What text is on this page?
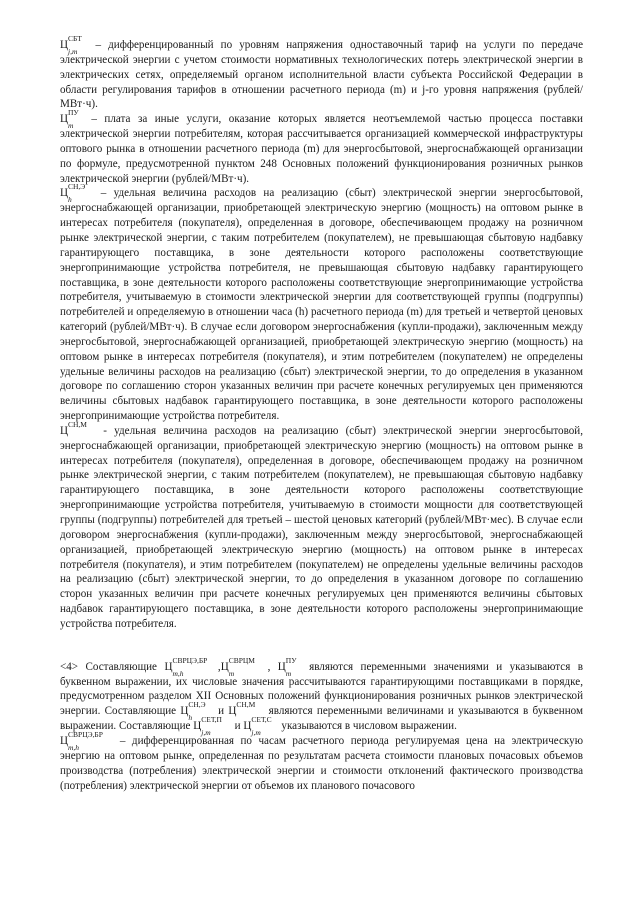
Ц
СБТ
j,m
– дифференцированный по уровням напряжения одноставочный тариф на услуги по передаче электрической энергии с учетом стоимости нормативных технологических потерь электрической энергии в электрических сетях, определяемый органом исполнительной власти субъекта Российской Федерации в области регулирования тарифов в отношении расчетного периода (m) и j-го уровня напряжения (рублей/МВт·ч).

Ц
ПУ
m
– плата за иные услуги, оказание которых является неотъемлемой частью процесса поставки электрической энергии потребителям, которая рассчитывается организацией коммерческой инфраструктуры оптового рынка в отношении расчетного периода (m) для энергосбытовой, энергоснабжающей организации по формуле, предусмотренной пунктом 248 Основных положений функционирования розничных рынков электрической энергии (рублей/МВт·ч).

Ц
СН,Э
h
– удельная величина расходов на реализацию (сбыт) электрической энергии энергосбытовой, энергоснабжающей организации, приобретающей электрическую энергию (мощность) на оптовом рынке в интересах потребителя (покупателя), определенная в договоре, обеспечивающем продажу на розничном рынке электрической энергии, с таким потребителем (покупателем), не превышающая сбытовую надбавку гарантирующего поставщика, в зоне деятельности которого расположены соответствующие энергопринимающие устройства потребителя, не превышающая сбытовую надбавку гарантирующего поставщика, в зоне деятельности которого расположены соответствующие энергопринимающие устройства потребителя, учитываемую в стоимости электрической энергии для соответствующей группы (подгруппы) потребителей и определяемую в отношении часа (h) расчетного периода (m) для третьей и четвертой ценовых категорий (рублей/МВт·ч). В случае если договором энергоснабжения (купли-продажи), заключенным между энергосбытовой, энергоснабжающей организацией, приобретающей электрическую энергию (мощность) на оптовом рынке в интересах потребителя (покупателя), и этим потребителем (покупателем) не определены удельные величины расходов на реализацию (сбыт) электрической энергии, то до определения в указанном договоре по соглашению сторон указанных величин при расчете конечных регулируемых цен применяются величины сбытовых надбавок гарантирующего поставщика, в зоне деятельности которого расположены энергопринимающие устройства потребителя.

Ц
СН,М
- удельная величина расходов на реализацию (сбыт) электрической энергии энергосбытовой, энергоснабжающей организации, приобретающей электрическую энергию (мощность) на оптовом рынке в интересах потребителя (покупателя), определенная в договоре, обеспечивающем продажу на розничном рынке электрической энергии, с таким потребителем (покупателем), не превышающая сбытовую надбавку гарантирующего поставщика, в зоне деятельности которого расположены соответствующие энергопринимающие устройства потребителя, учитываемую в стоимости мощности для соответствующей группы (подгруппы) потребителей для третьей – шестой ценовых категорий (рублей/МВт·мес). В случае если договором энергоснабжения (купли-продажи), заключенным между энергосбытовой, энергоснабжающей организацией, приобретающей электрическую энергию (мощность) на оптовом рынке в интересах потребителя (покупателя), и этим потребителем (покупателем) не определены удельные величины расходов на реализацию (сбыт) электрической энергии, то до определения в указанном договоре по соглашению сторон указанных величин при расчете конечных регулируемых цен применяются величины сбытовых надбавок гарантирующего поставщика, в зоне деятельности которого расположены энергопринимающие устройства потребителя.

<4> Составляющие Ц
СВРЦЭ,БР
m,h
,Ц
СВРЦМ
m
, Ц
ПУ
m
являются переменными значениями и указываются в буквенном выражении, их числовые значения рассчитываются гарантирующими поставщиками в порядке, предусмотренном разделом XII Основных положений функционирования розничных рынков электрической энергии. Составляющие Ц
СН,Э
h
и Ц
СН,М
являются переменными величинами и указываются в буквенном выражении. Составляющие Ц
СЕТ,П
j,m
и Ц
СЕТ,С
j,m
указываются в числовом выражении.

Ц
СВРЦЭ,БР
m,h
– дифференцированная по часам расчетного периода регулируемая цена на электрическую энергию на оптовом рынке, определенная по результатам расчета стоимости плановых почасовых объемов производства (потребления) электрической энергии и стоимости отклонений фактического производства (потребления) электрической энергии от объемов их планового почасового
